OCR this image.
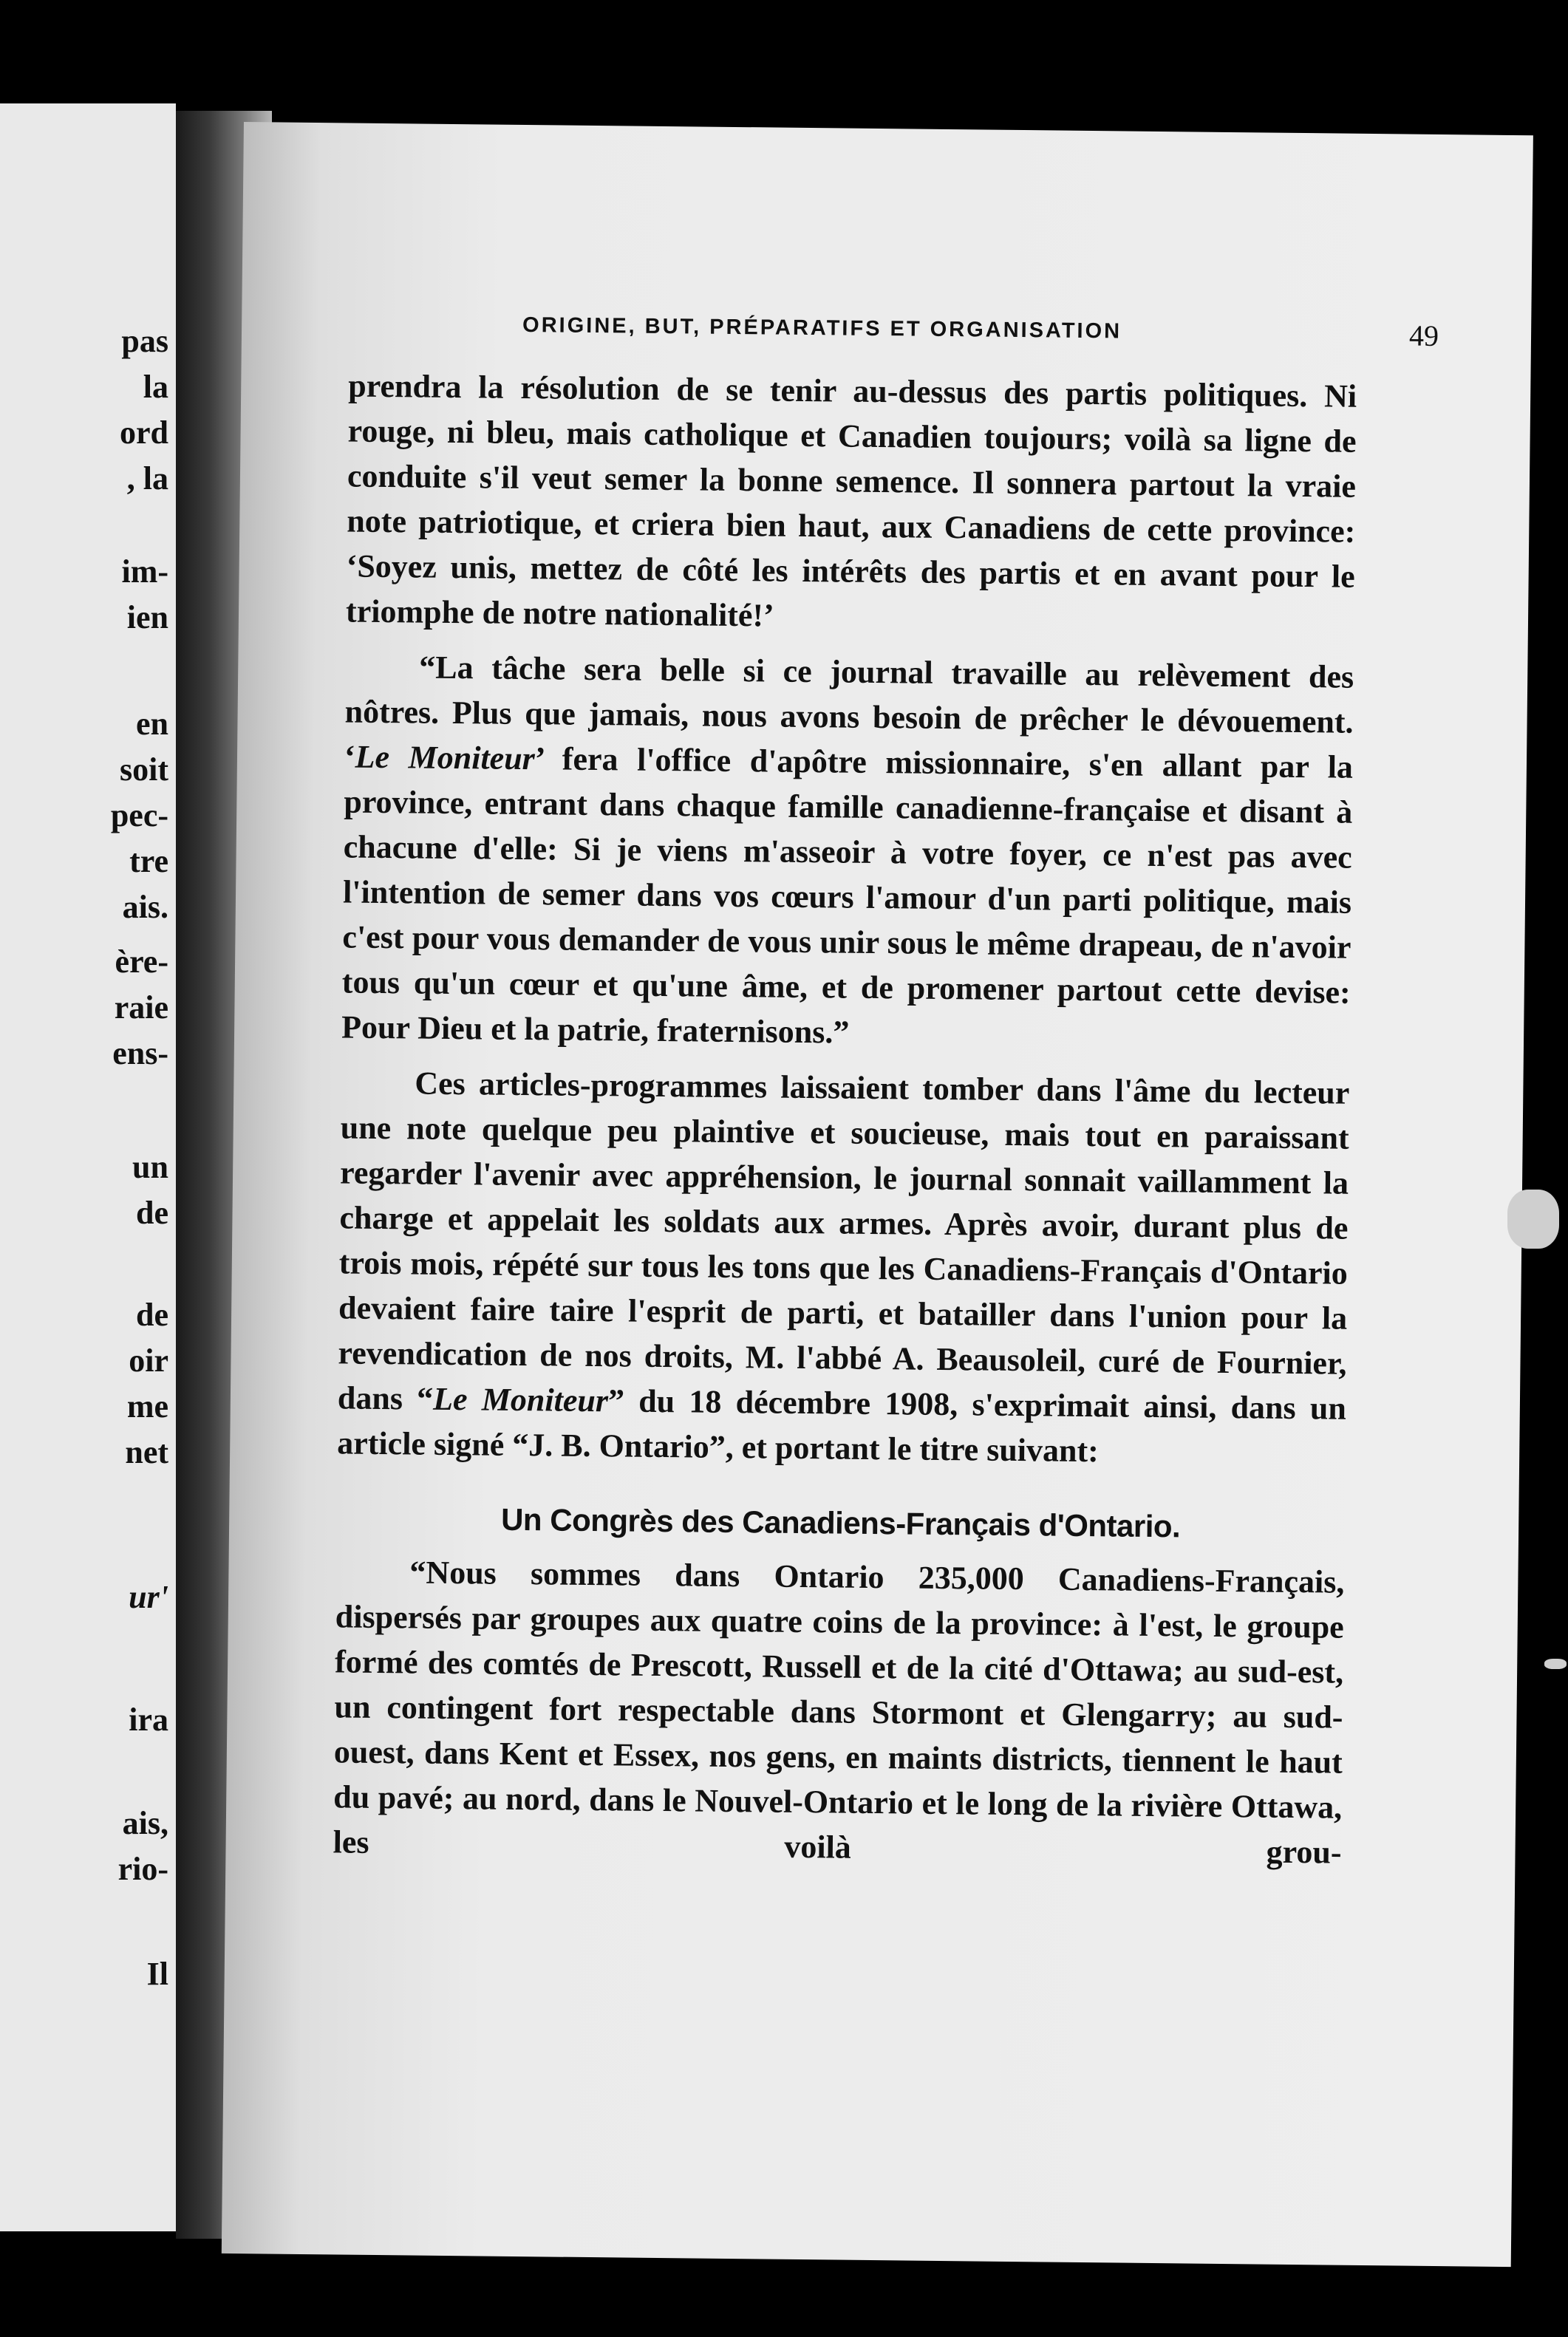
pas
la
ord
, la
im-
ien
en
soit
pec-
tre
ais.
ère-
raie
ens-
un
de
de
oir
me
net
ur'
ira
ais,
rio-
Il
ORIGINE, BUT, PRÉPARATIFS ET ORGANISATION	49

prendra la résolution de se tenir au-dessus des partis politiques. Ni rouge, ni bleu, mais catholique et Canadien toujours; voilà sa ligne de conduite s'il veut semer la bonne semence. Il sonnera partout la vraie note patriotique, et criera bien haut, aux Canadiens de cette province: ‘Soyez unis, mettez de côté les intérêts des partis et en avant pour le triomphe de notre nationalité!’

“La tâche sera belle si ce journal travaille au relèvement des nôtres. Plus que jamais, nous avons besoin de prêcher le dévouement. ‘Le Moniteur’ fera l'office d'apôtre missionnaire, s'en allant par la province, entrant dans chaque famille canadienne-française et disant à chacune d'elle: Si je viens m'asseoir à votre foyer, ce n'est pas avec l'intention de semer dans vos cœurs l'amour d'un parti politique, mais c'est pour vous demander de vous unir sous le même drapeau, de n'avoir tous qu'un cœur et qu'une âme, et de promener partout cette devise: Pour Dieu et la patrie, fraternisons.”

Ces articles-programmes laissaient tomber dans l'âme du lecteur une note quelque peu plaintive et soucieuse, mais tout en paraissant regarder l'avenir avec appréhension, le journal sonnait vaillamment la charge et appelait les soldats aux armes. Après avoir, durant plus de trois mois, répété sur tous les tons que les Canadiens-Français d'Ontario devaient faire taire l'esprit de parti, et batailler dans l'union pour la revendication de nos droits, M. l'abbé A. Beausoleil, curé de Fournier, dans “Le Moniteur” du 18 décembre 1908, s'exprimait ainsi, dans un article signé “J. B. Ontario”, et portant le titre suivant:

Un Congrès des Canadiens-Français d'Ontario.

“Nous sommes dans Ontario 235,000 Canadiens-Français, dispersés par groupes aux quatre coins de la province: à l'est, le groupe formé des comtés de Prescott, Russell et de la cité d'Ottawa; au sud-est, un contingent fort respectable dans Stormont et Glengarry; au sud-ouest, dans Kent et Essex, nos gens, en maints districts, tiennent le haut du pavé; au nord, dans le Nouvel-Ontario et le long de la rivière Ottawa, les voilà grou-
